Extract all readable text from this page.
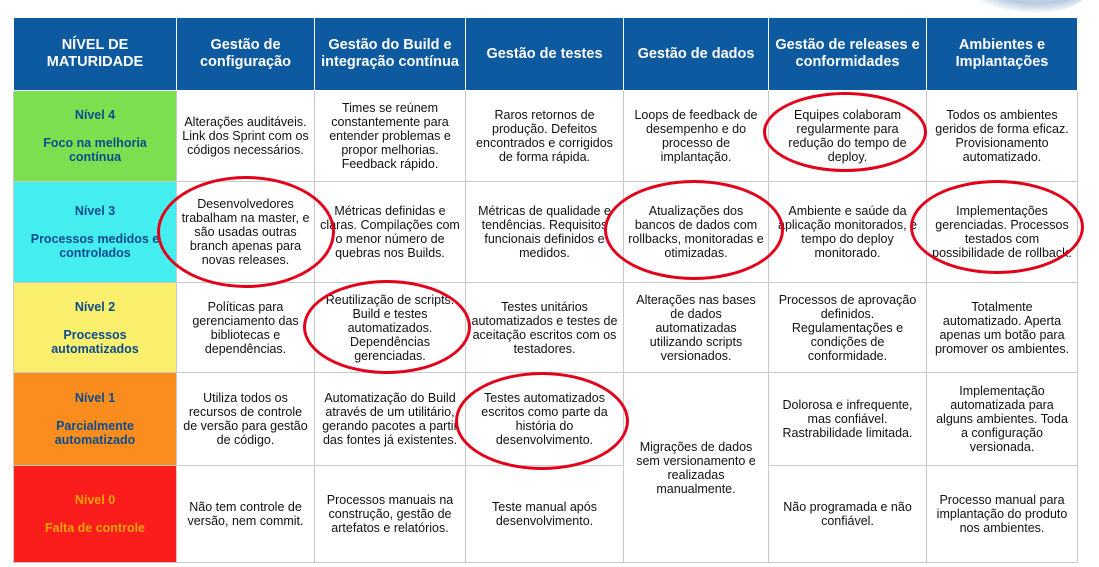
NÍVEL DE MATURIDADE	Gestão de configuração	Gestão do Build e integração contínua	Gestão de testes	Gestão de dados	Gestão de releases e conformidades	Ambientes e Implantações

Nível 4
Foco na melhoria contínua	Alterações auditáveis. Link dos Sprint com os códigos necessários.	Times se reúnem constantemente para entender problemas e propor melhorias. Feedback rápido.	Raros retornos de produção. Defeitos encontrados e corrigidos de forma rápida.	Loops de feedback de desempenho e do processo de implantação.	Equipes colaboram regularmente para redução do tempo de deploy.	Todos os ambientes geridos de forma eficaz. Provisionamento automatizado.

Nível 3
Processos medidos e controlados	Desenvolvedores trabalham na master, e são usadas outras branch apenas para novas releases.	Métricas definidas e claras. Compilações com o menor número de quebras nos Builds.	Métricas de qualidade e tendências. Requisitos funcionais definidos e medidos.	Atualizações dos bancos de dados com rollbacks, monitoradas e otimizadas.	Ambiente e saúde da aplicação monitorados, e tempo do deploy monitorado.	Implementações gerenciadas. Processos testados com possibilidade de rollback.

Nível 2
Processos automatizados	Políticas para gerenciamento das bibliotecas e dependências.	Reutilização de scripts. Build e testes automatizados. Dependências gerenciadas.	Testes unitários automatizados e testes de aceitação escritos com os testadores.	Alterações nas bases de dados automatizadas utilizando scripts versionados.	Processos de aprovação definidos. Regulamentações e condições de conformidade.	Totalmente automatizado. Aperta apenas um botão para promover os ambientes.

Nível 1
Parcialmente automatizado	Utiliza todos os recursos de controle de versão para gestão de código.	Automatização do Build através de um utilitário, gerando pacotes a partir das fontes já existentes.	Testes automatizados escritos como parte da história do desenvolvimento.	Migrações de dados sem versionamento e realizadas manualmente.	Dolorosa e infrequente, mas confiável. Rastrabilidade limitada.	Implementação automatizada para alguns ambientes. Toda a configuração versionada.

Nível 0
Falta de controle	Não tem controle de versão, nem commit.	Processos manuais na construção, gestão de artefatos e relatórios.	Teste manual após desenvolvimento.		Não programada e não confiável.	Processo manual para implantação do produto nos ambientes.
